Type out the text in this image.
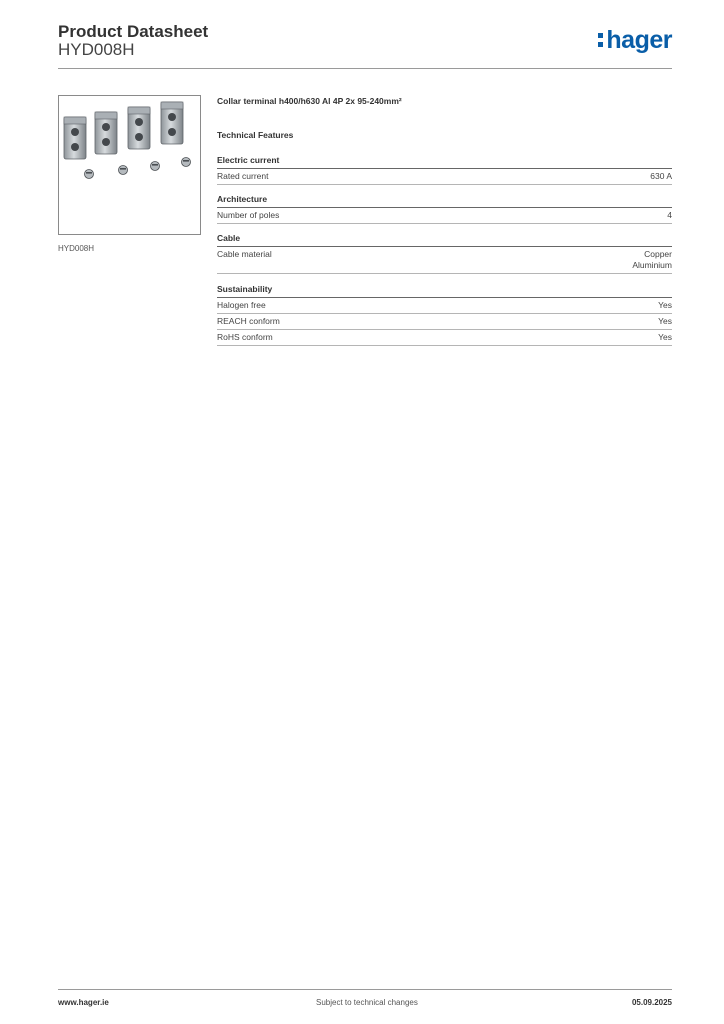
Product Datasheet
HYD008H	hager
HYD008H
Collar terminal h400/h630 Al 4P 2x 95-240mm²
Technical Features
Electric current
Rated current	630 A
Architecture
Number of poles	4
Cable
Cable material	Copper
Aluminium
Sustainability
Halogen free	Yes
REACH conform	Yes
RoHS conform	Yes
www.hager.ie	Subject to technical changes	05.09.2025
